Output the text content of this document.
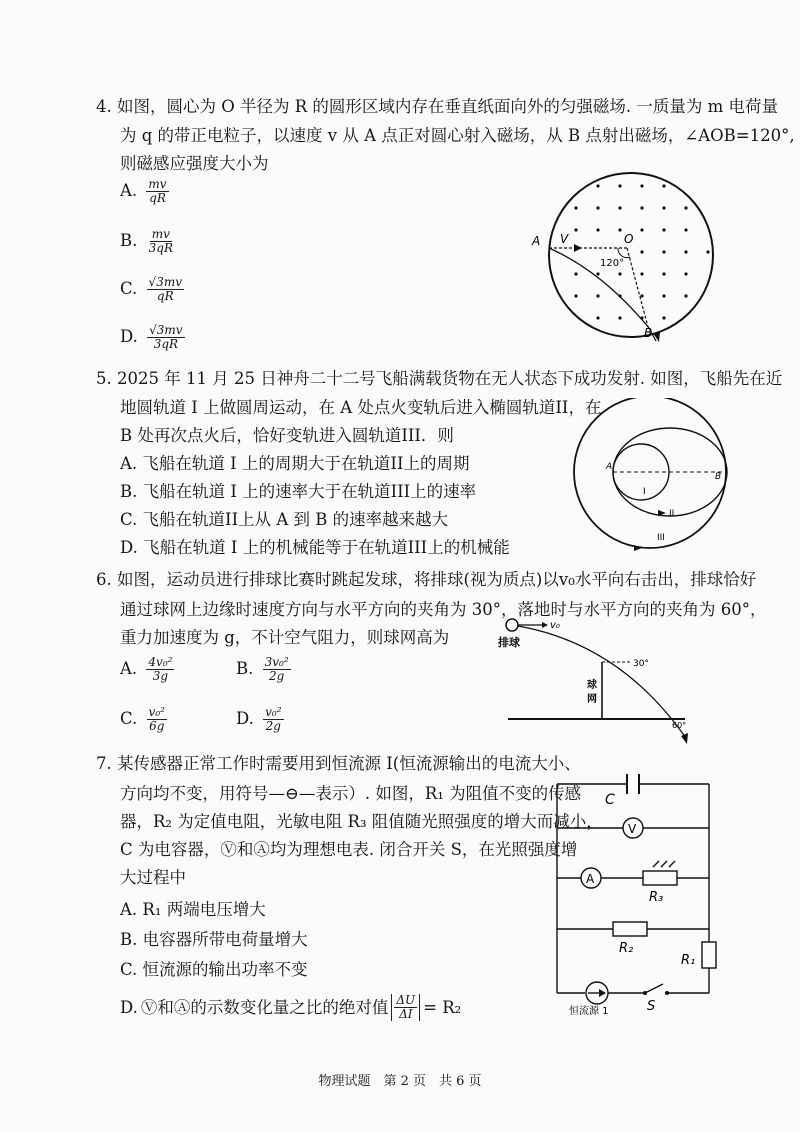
4. 如图，圆心为 O 半径为 R 的圆形区域内存在垂直纸面向外的匀强磁场. 一质量为 m 电荷量
为 q 的带正电粒子，以速度 v 从 A 点正对圆心射入磁场，从 B 点射出磁场，∠AOB=120°,
则磁感应强度大小为
A. $\frac{mv}{qR}$
B. $\frac{mv}{3qR}$
C. $\frac{√3mv}{qR}$
D. $\frac{√3mv}{3qR}$
A V	O
120°
B
5. 2025 年 11 月 25 日神舟二十二号飞船满载货物在无人状态下成功发射. 如图，飞船先在近
地圆轨道 I 上做圆周运动，在 A 处点火变轨后进入椭圆轨道II，在
B 处再次点火后，恰好变轨进入圆轨道III．则
A. 飞船在轨道 I 上的周期大于在轨道II上的周期
B. 飞船在轨道 I 上的速率大于在轨道III上的速率
C. 飞船在轨道II上从 A 到 B 的速率越来越大
D. 飞船在轨道 I 上的机械能等于在轨道III上的机械能
A
B
I
II
III
6. 如图，运动员进行排球比赛时跳起发球，将排球(视为质点)以v₀水平向右击出，排球恰好
通过球网上边缘时速度方向与水平方向的夹角为 30°，落地时与水平方向的夹角为 60°，
重力加速度为 g，不计空气阻力，则球网高为
A. $\frac{\text{4v₀²}}{3g}$	B. $\frac{\text{3v₀²}}{2g}$
C. $\frac{\text{v₀²}}{6g}$	D. $\frac{\text{v₀²}}{2g}$
v₀
排球
30°
球
网
60°
7. 某传感器正常工作时需要用到恒流源 I(恒流源输出的电流大小、
方向均不变，用符号—⊖—表示）. 如图，R₁ 为阻值不变的传感
器，R₂ 为定值电阻，光敏电阻 R₃ 阻值随光照强度的增大而减小，
C 为电容器，Ⓥ和Ⓐ均为理想电表. 闭合开关 S，在光照强度增
大过程中
A. R₁ 两端电压增大
B. 电容器所带电荷量增大
C. 恒流源的输出功率不变
D. Ⓥ和Ⓐ的示数变化量之比的绝对值 $\frac{\Delta U}{\Delta I} = R_2$
C
V
A
R₃
R₂
R₁
S
恒流源 1
物理试题　第 2 页　共 6 页
